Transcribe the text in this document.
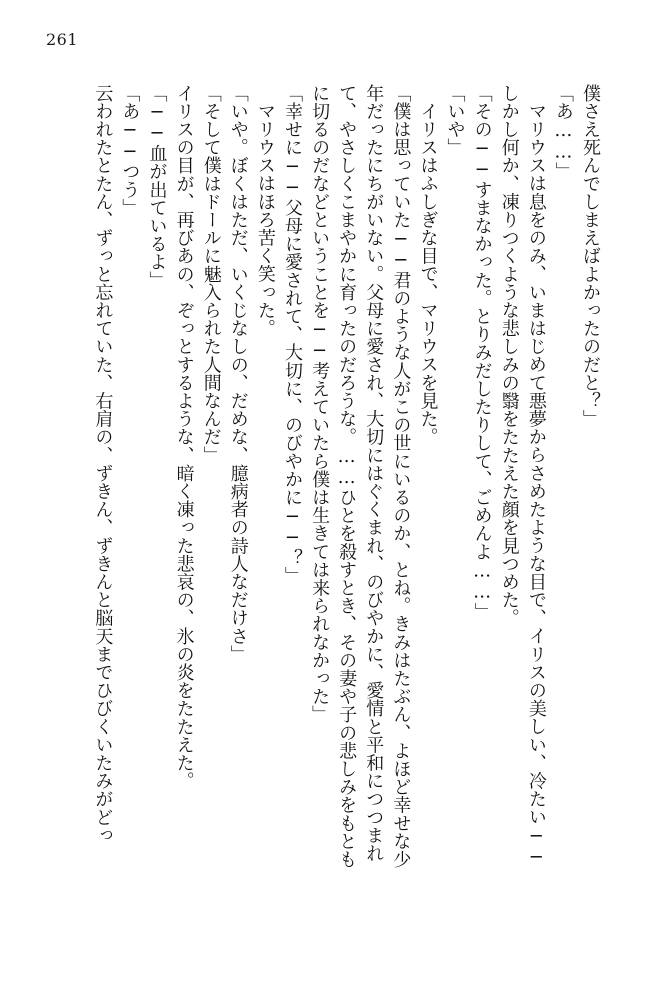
261
僕さえ死んでしまえばよかったのだと？」
「あ……」
マリウスは息をのみ、いまはじめて悪夢からさめたような目で、イリスの美しい、冷たい──
しかし何か、凍りつくような悲しみの翳をたたえた顔を見つめた。
「その──すまなかった。とりみだしたりして、ごめんよ……」
「いや」
イリスはふしぎな目で、マリウスを見た。
「僕は思っていた──君のような人がこの世にいるのか、とね。きみはたぶん、よほど幸せな少
年だったにちがいない。父母に愛され、大切にはぐくまれ、のびやかに、愛情と平和につつまれ
て、やさしくこまやかに育ったのだろうな。……ひとを殺すとき、その妻や子の悲しみをもとも
に切るのだなどということを──考えていたら僕は生きては来られなかった」
「幸せに──父母に愛されて、大切に、のびやかに──？」
マリウスはほろ苦く笑った。
「いや。ぼくはただ、いくじなしの、だめな、臆病者の詩人なだけさ」
「そして僕はドールに魅入られた人間なんだ」
イリスの目が、再びあの、ぞっとするような、暗く凍った悲哀の、氷の炎をたたえた。
「──血が出ているよ」
「あ──つう」
云われたとたん、ずっと忘れていた、右肩の、ずきん、ずきんと脳天までひびくいたみがどっ
